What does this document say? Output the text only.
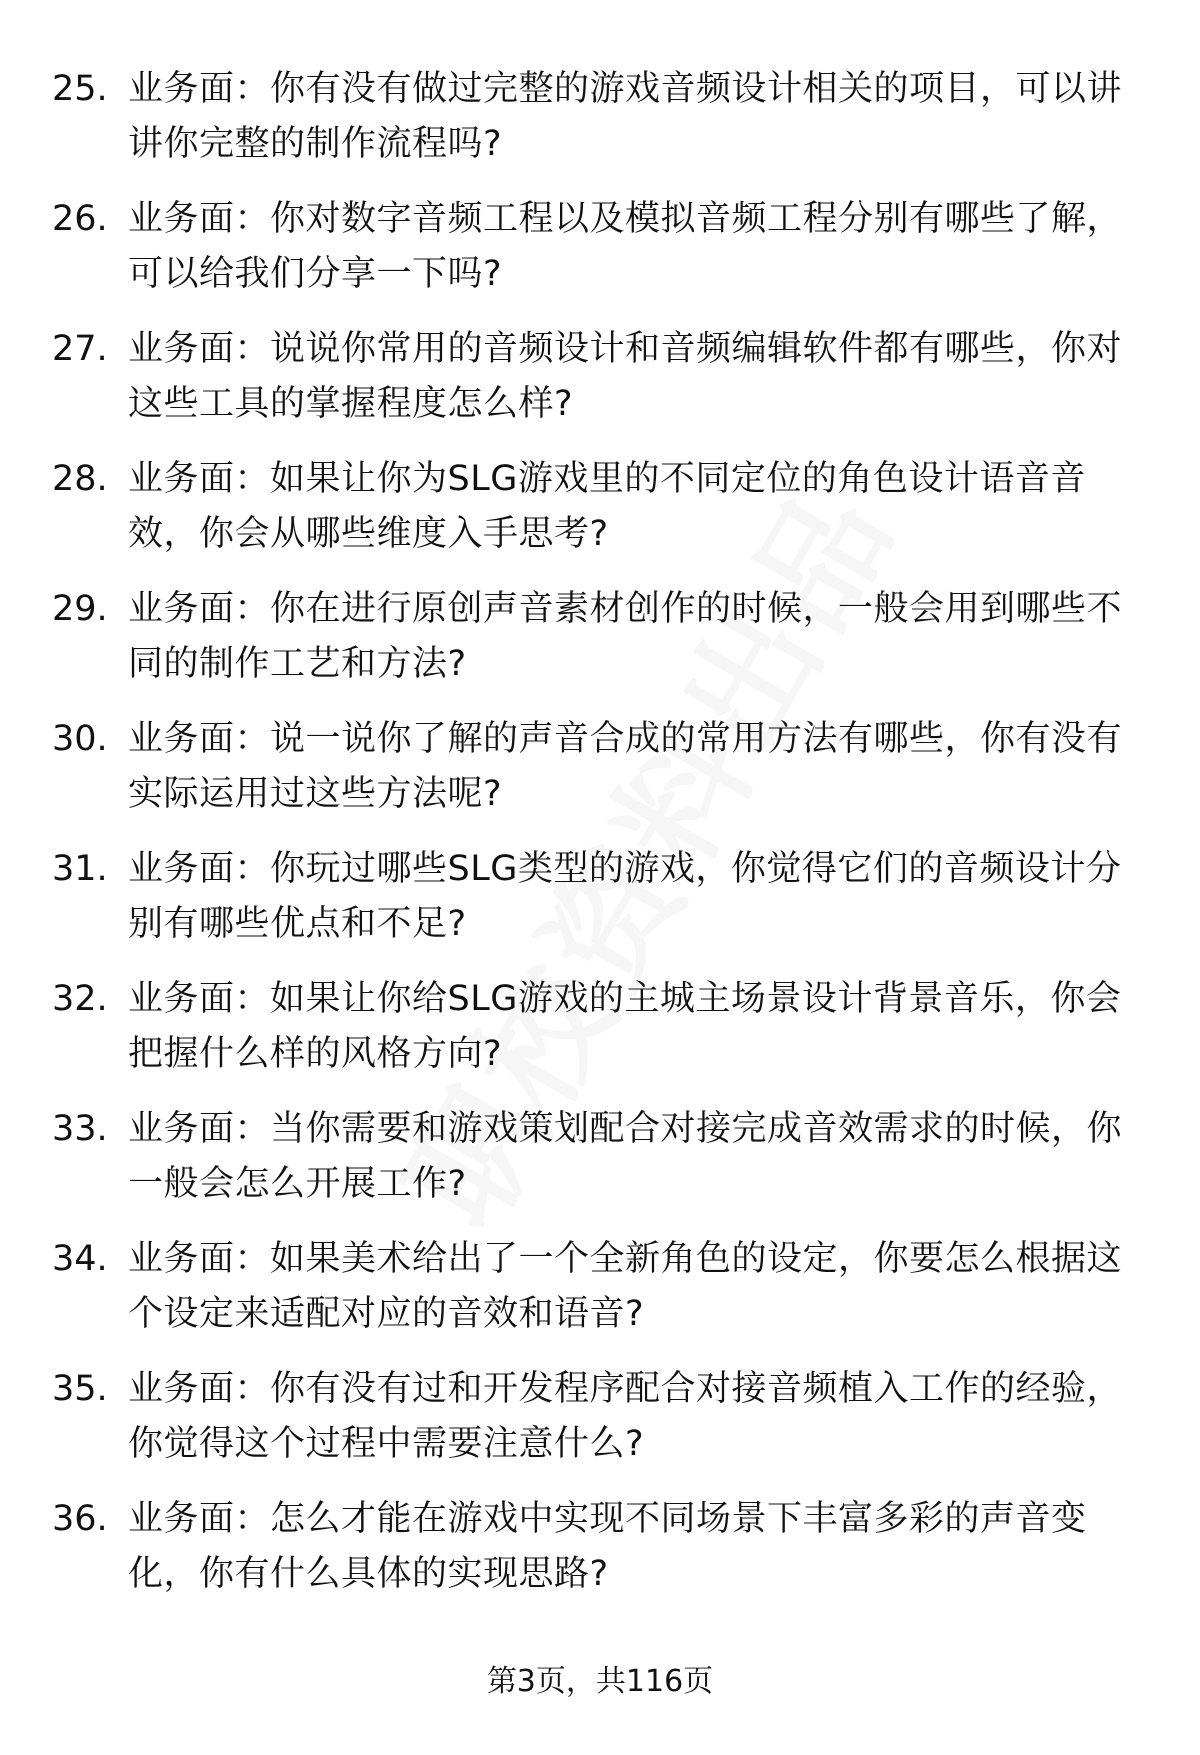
25. 业务面：你有没有做过完整的游戏音频设计相关的项目，可以讲讲你完整的制作流程吗?
26. 业务面：你对数字音频工程以及模拟音频工程分别有哪些了解，可以给我们分享一下吗?
27. 业务面：说说你常用的音频设计和音频编辑软件都有哪些，你对这些工具的掌握程度怎么样?
28. 业务面：如果让你为SLG游戏里的不同定位的角色设计语音音效，你会从哪些维度入手思考?
29. 业务面：你在进行原创声音素材创作的时候，一般会用到哪些不同的制作工艺和方法?
30. 业务面：说一说你了解的声音合成的常用方法有哪些，你有没有实际运用过这些方法呢?
31. 业务面：你玩过哪些SLG类型的游戏，你觉得它们的音频设计分别有哪些优点和不足?
32. 业务面：如果让你给SLG游戏的主城主场景设计背景音乐，你会把握什么样的风格方向?
33. 业务面：当你需要和游戏策划配合对接完成音效需求的时候，你一般会怎么开展工作?
34. 业务面：如果美术给出了一个全新角色的设定，你要怎么根据这个设定来适配对应的音效和语音?
35. 业务面：你有没有过和开发程序配合对接音频植入工作的经验，你觉得这个过程中需要注意什么?
36. 业务面：怎么才能在游戏中实现不同场景下丰富多彩的声音变化，你有什么具体的实现思路?
第3页，共116页
